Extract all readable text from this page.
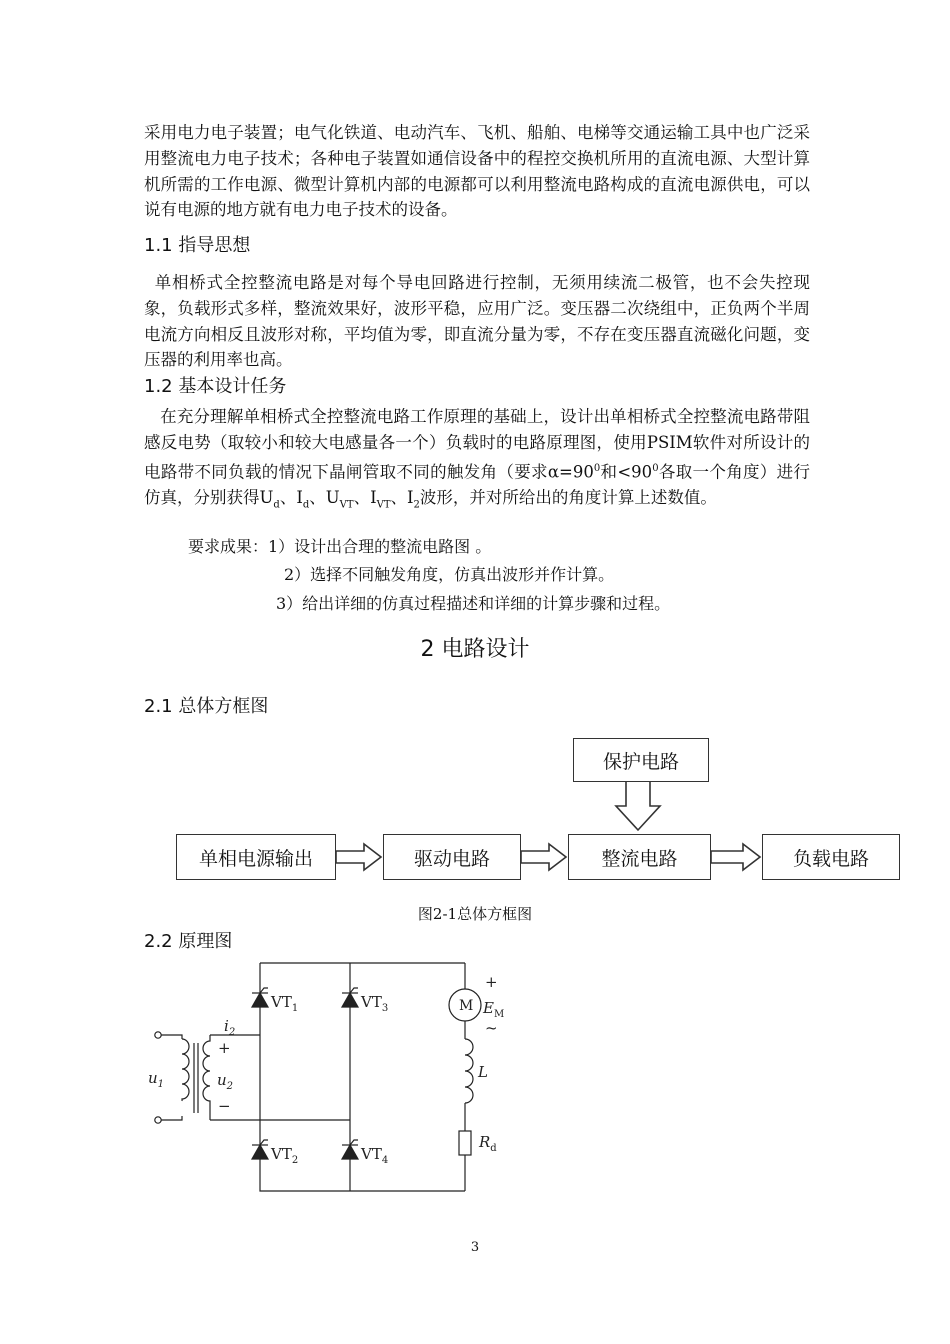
采用电力电子装置；电气化铁道、电动汽车、飞机、船舶、电梯等交通运输工具中也广泛采用整流电力电子技术；各种电子装置如通信设备中的程控交换机所用的直流电源、大型计算机所需的工作电源、微型计算机内部的电源都可以利用整流电路构成的直流电源供电，可以说有电源的地方就有电力电子技术的设备。
1.1 指导思想
单相桥式全控整流电路是对每个导电回路进行控制，无须用续流二极管，也不会失控现象，负载形式多样，整流效果好，波形平稳，应用广泛。变压器二次绕组中，正负两个半周电流方向相反且波形对称，平均值为零，即直流分量为零，不存在变压器直流磁化问题，变压器的利用率也高。
1.2 基本设计任务
在充分理解单相桥式全控整流电路工作原理的基础上，设计出单相桥式全控整流电路带阻感反电势（取较小和较大电感量各一个）负载时的电路原理图，使用PSIM软件对所设计的电路带不同负载的情况下晶闸管取不同的触发角（要求$\alpha=90^0$和$<90^0$各取一个角度）进行仿真，分别获得$U_d$、$I_d$、$U_{VT}$、$I_{VT}$、$I_2$波形，并对所给出的角度计算上述数值。
要求成果：1）设计出合理的整流电路图 。
2）选择不同触发角度，仿真出波形并作计算。
3）给出详细的仿真过程描述和详细的计算步骤和过程。
2 电路设计
2.1 总体方框图
保护电路
单相电源输出	驱动电路	整流电路	负载电路
图2-1总体方框图
2.2 原理图
$u_1$	$u_2$
$i_2$
+
−
$VT_1$	$VT_3$
$VT_2$	$VT_4$
M
+
$E_M$
~
L
$R_d$
3
